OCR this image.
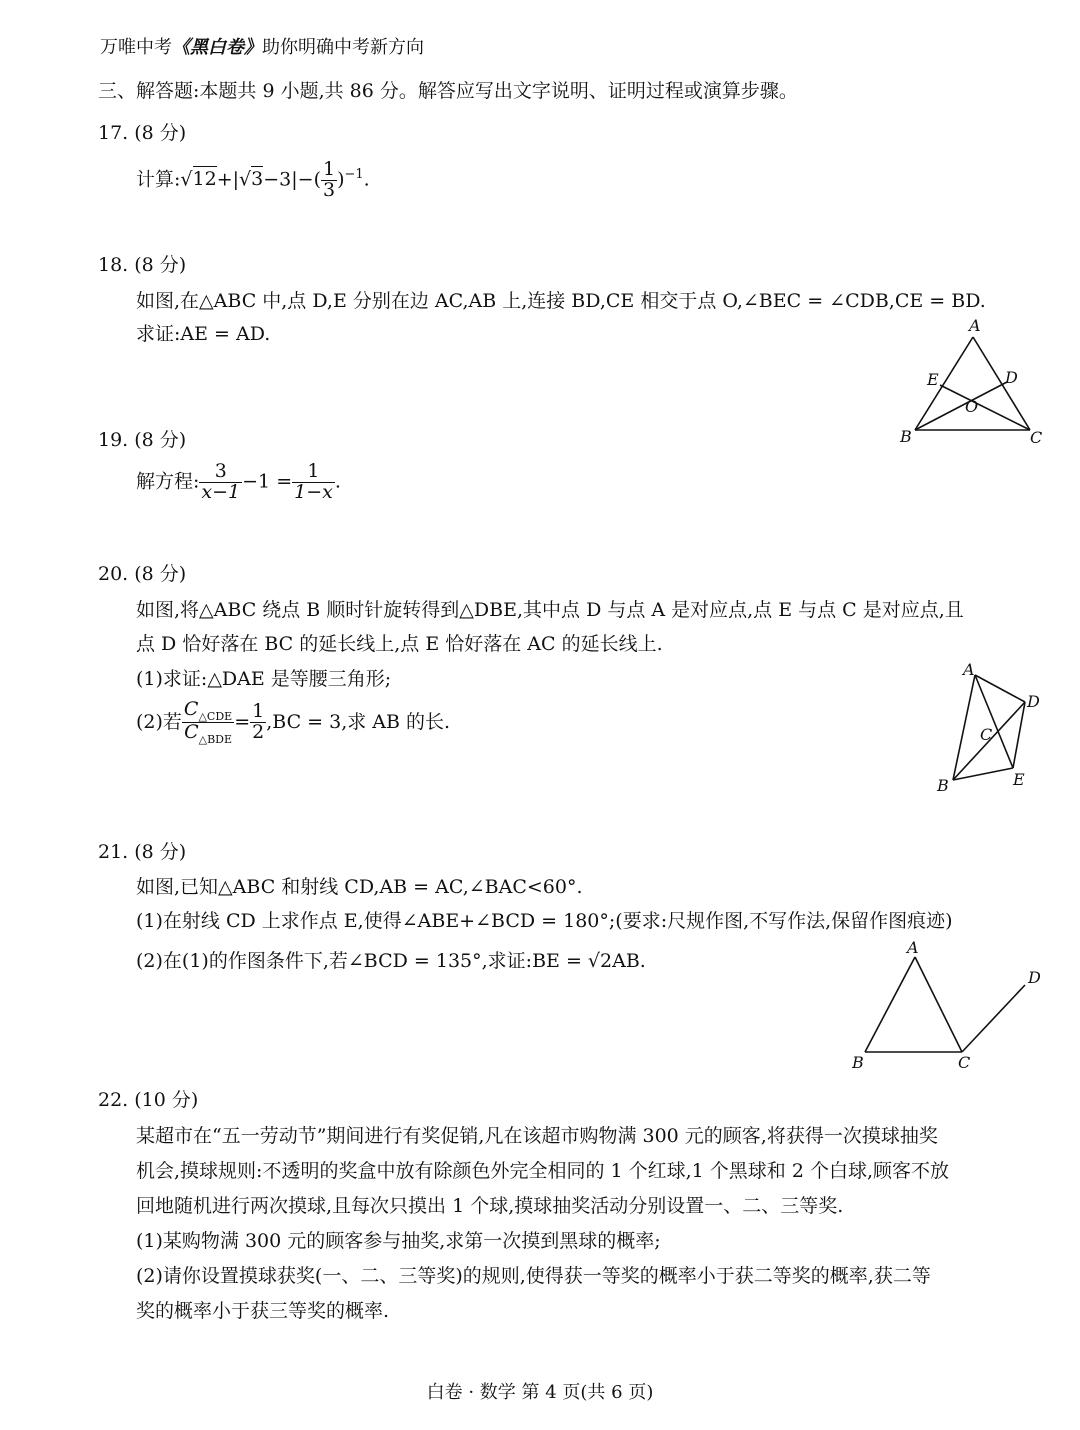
万唯中考《黑白卷》助你明确中考新方向
三、解答题:本题共 9 小题,共 86 分。解答应写出文字说明、证明过程或演算步骤。
17. (8 分)
计算:√12+|√3−3|−( $\frac{1}{3} )^{-1}$.
18. (8 分)
如图,在△ABC 中,点 D,E 分别在边 AC,AB 上,连接 BD,CE 相交于点 O,∠BEC = ∠CDB,CE = BD.
求证:AE = AD.	A
B	C
D
E
O
19. (8 分)
解方程: $\frac{3}{x-1} -1 = \frac{1}{1-x}$ .
20. (8 分)
如图,将△ABC 绕点 B 顺时针旋转得到△DBE,其中点 D 与点 A 是对应点,点 E 与点 C 是对应点,且
点 D 恰好落在 BC 的延长线上,点 E 恰好落在 AC 的延长线上.
(1)求证:△DAE 是等腰三角形;
(2)若 $\frac{C_{\triangle CDE}}{C_{\triangle BDE}} = \frac{1}{2} ,BC = 3$,求 AB 的长.
A
B
C
D
E
21. (8 分)
如图,已知△ABC 和射线 CD,AB = AC,∠BAC<60°.
(1)在射线 CD 上求作点 E,使得∠ABE+∠BCD = 180°;(要求:尺规作图,不写作法,保留作图痕迹)
(2)在(1)的作图条件下,若∠BCD = 135°,求证:BE = √2AB.
A
B	C
D
22. (10 分)
某超市在“五一劳动节”期间进行有奖促销,凡在该超市购物满 300 元的顾客,将获得一次摸球抽奖
机会,摸球规则:不透明的奖盒中放有除颜色外完全相同的 1 个红球,1 个黑球和 2 个白球,顾客不放
回地随机进行两次摸球,且每次只摸出 1 个球,摸球抽奖活动分别设置一、二、三等奖.
(1)某购物满 300 元的顾客参与抽奖,求第一次摸到黑球的概率;
(2)请你设置摸球获奖(一、二、三等奖)的规则,使得获一等奖的概率小于获二等奖的概率,获二等
奖的概率小于获三等奖的概率.
白卷 · 数学 第 4 页(共 6 页)
